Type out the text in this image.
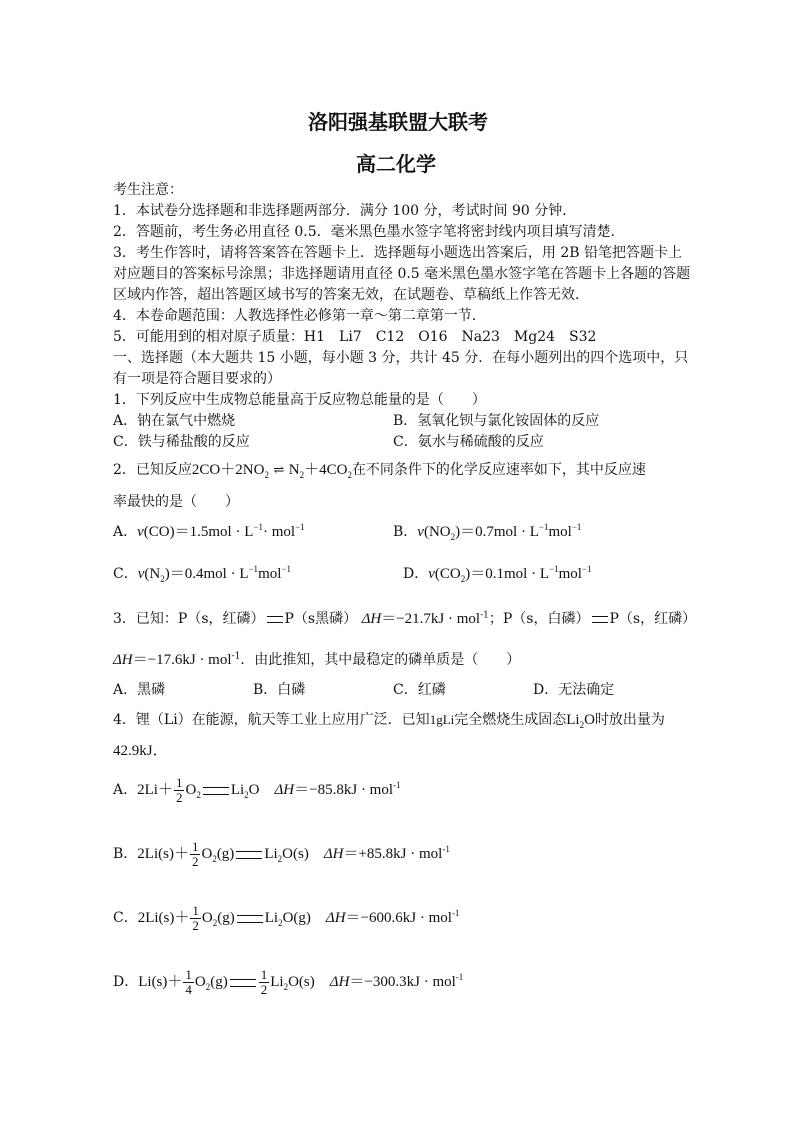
洛阳强基联盟大联考
高二化学
考生注意：
1．本试卷分选择题和非选择题两部分．满分 100 分，考试时间 90 分钟．
2．答题前，考生务必用直径 0.5．毫米黑色墨水签字笔将密封线内项目填写清楚．
3．考生作答时，请将答案答在答题卡上．选择题每小题选出答案后，用 2B 铅笔把答题卡上
对应题目的答案标号涂黑；非选择题请用直径 0.5 毫米黑色墨水签字笔在答题卡上各题的答题
区域内作答，超出答题区域书写的答案无效，在试题卷、草稿纸上作答无效．
4．本卷命题范围：人教选择性必修第一章～第二章第一节．
5．可能用到的相对原子质量：H1　Li7　C12　O16　Na23　Mg24　S32
一、选择题（本大题共 15 小题，每小题 3 分，共计 45 分．在每小题列出的四个选项中，只
有一项是符合题目要求的）
1．下列反应中生成物总能量高于反应物总能量的是（　　）
A．钠在氯气中燃烧	B．氢氧化钡与氯化铵固体的反应
C．铁与稀盐酸的反应	C．氨水与稀硫酸的反应
2．已知反应$2CO+2NO_2$ ⇌ $N_2+4CO_2$在不同条件下的化学反应速率如下，其中反应速
率最快的是（　　）
A．$v(CO)=1.5mol \cdot L^{-1}\cdot mol^{-1}$	B．$v(NO_2)=0.7mol \cdot L^{-1}mol^{-1}$
C．$v(N_2)=0.4mol \cdot L^{-1}mol^{-1}$	D．$v(CO_2)=0.1mol \cdot L^{-1}mol^{-1}$
3．已知：P（s，红磷） P（s黑磷） ΔH＝−21.7kJ · mol$^{-1}$；P（s，白磷） P（s，红磷）
ΔH＝−17.6kJ · mol$^{-1}$．由此推知，其中最稳定的磷单质是（　　）
A．黑磷	B．白磷	C．红磷	D．无法确定
4．锂（Li）在能源，航天等工业上应用广泛．已知1gLi完全燃烧生成固态$Li_2O$时放出量为
42.9kJ．
A．$2Li+ \frac{1}{2} O_2$ $Li_2O$  ΔH＝−85.8kJ · mol$^{-1}$
B．$2Li(s)+ \frac{1}{2} O_2(g)$ $Li_2O(s)$  ΔH＝+85.8kJ · mol$^{-1}$
C．$2Li(s)+ \frac{1}{2} O_2(g)$ $Li_2O(g)$  ΔH＝−600.6kJ · mol$^{-1}$
D．$Li(s)+ \frac{1}{4} O_2(g) \frac{1}{2} Li_2O(s)$  ΔH＝−300.3kJ · mol$^{-1}$
